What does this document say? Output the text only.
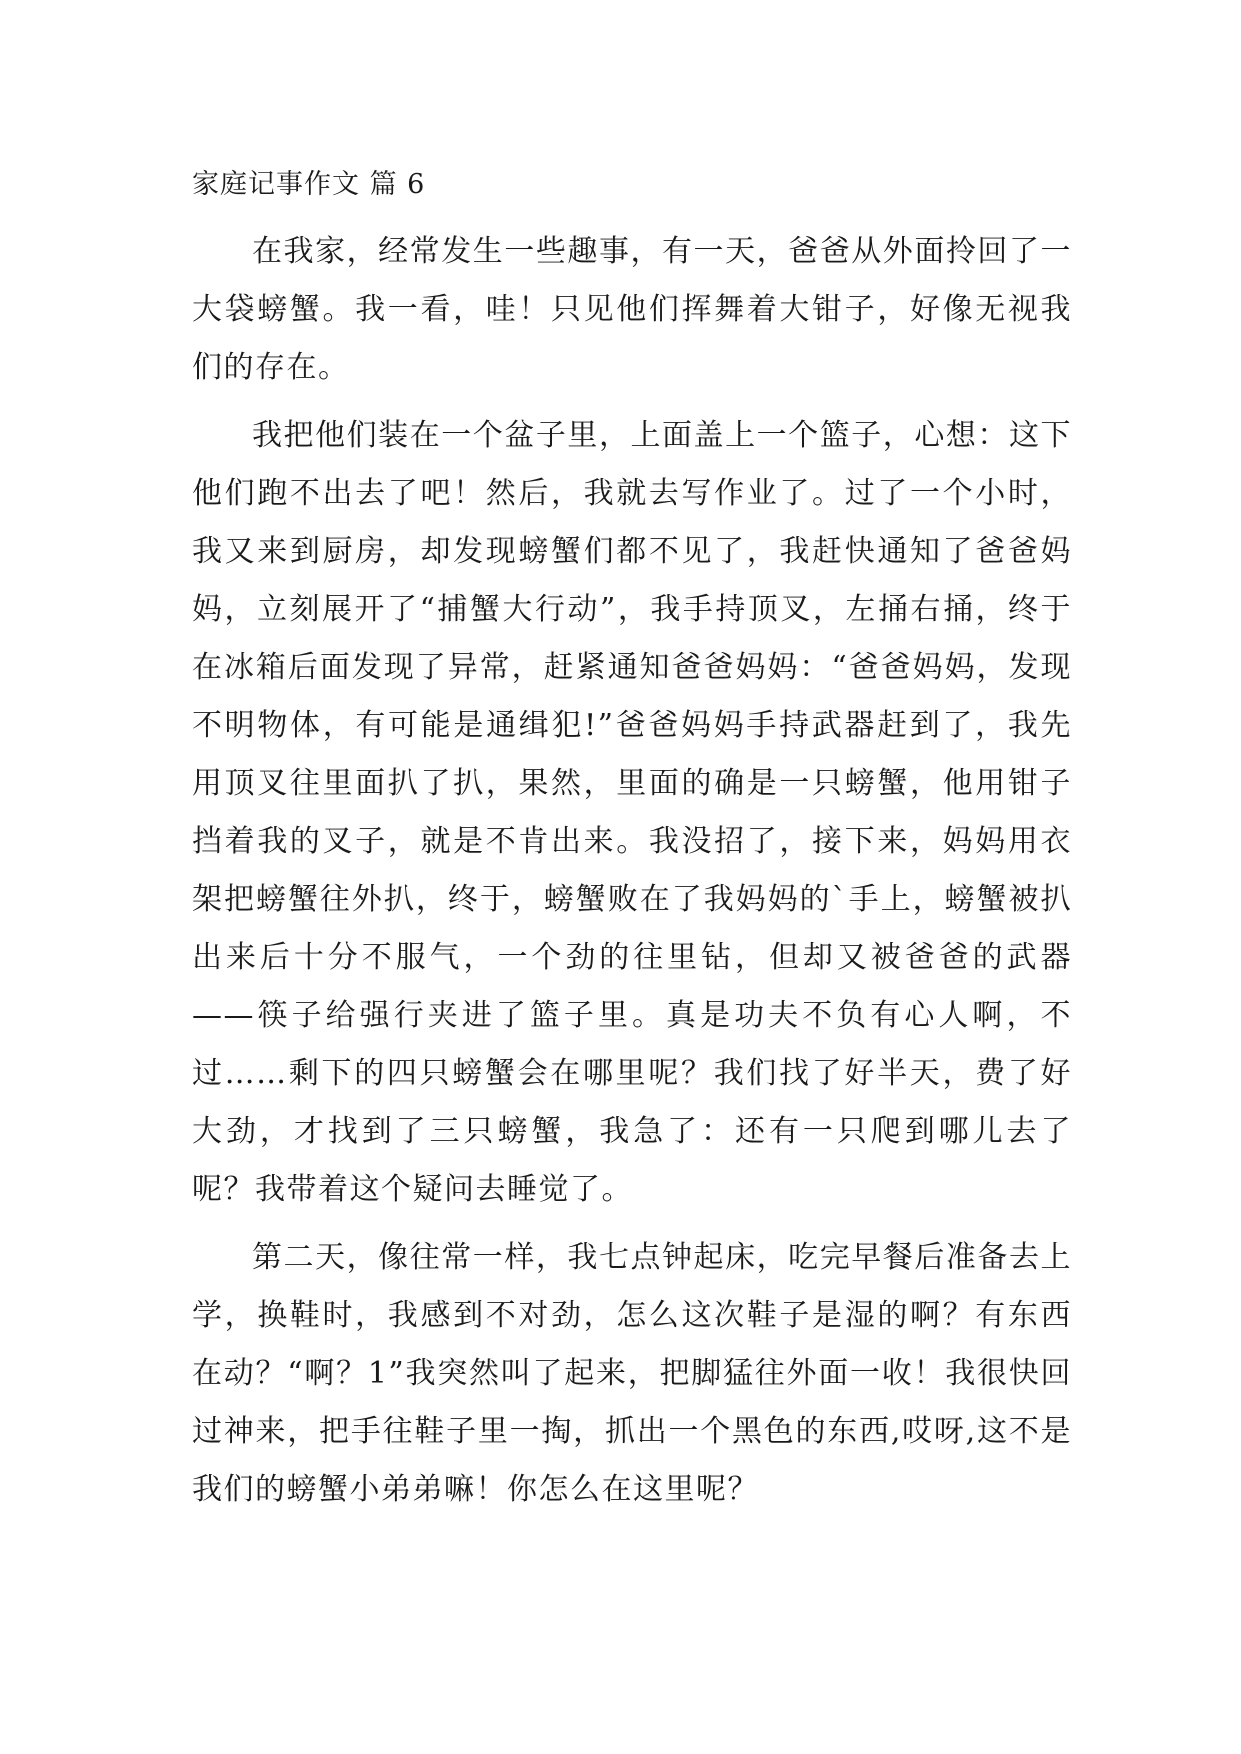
家庭记事作文 篇 6

在我家，经常发生一些趣事，有一天，爸爸从外面拎回了一大袋螃蟹。我一看，哇！只见他们挥舞着大钳子，好像无视我们的存在。

我把他们装在一个盆子里，上面盖上一个篮子，心想：这下他们跑不出去了吧！然后，我就去写作业了。过了一个小时，我又来到厨房，却发现螃蟹们都不见了，我赶快通知了爸爸妈妈，立刻展开了“捕蟹大行动”，我手持顶叉，左捅右捅，终于在冰箱后面发现了异常，赶紧通知爸爸妈妈：“爸爸妈妈，发现不明物体，有可能是通缉犯!”爸爸妈妈手持武器赶到了，我先用顶叉往里面扒了扒，果然，里面的确是一只螃蟹，他用钳子挡着我的叉子，就是不肯出来。我没招了，接下来，妈妈用衣架把螃蟹往外扒，终于，螃蟹败在了我妈妈的`手上，螃蟹被扒出来后十分不服气，一个劲的往里钻，但却又被爸爸的武器——筷子给强行夹进了篮子里。真是功夫不负有心人啊，不过……剩下的四只螃蟹会在哪里呢？我们找了好半天，费了好大劲，才找到了三只螃蟹，我急了：还有一只爬到哪儿去了呢？我带着这个疑问去睡觉了。

第二天，像往常一样，我七点钟起床，吃完早餐后准备去上学，换鞋时，我感到不对劲，怎么这次鞋子是湿的啊？有东西在动？“啊？1”我突然叫了起来，把脚猛往外面一收！我很快回过神来，把手往鞋子里一掏，抓出一个黑色的东西,哎呀,这不是我们的螃蟹小弟弟嘛！你怎么在这里呢？
